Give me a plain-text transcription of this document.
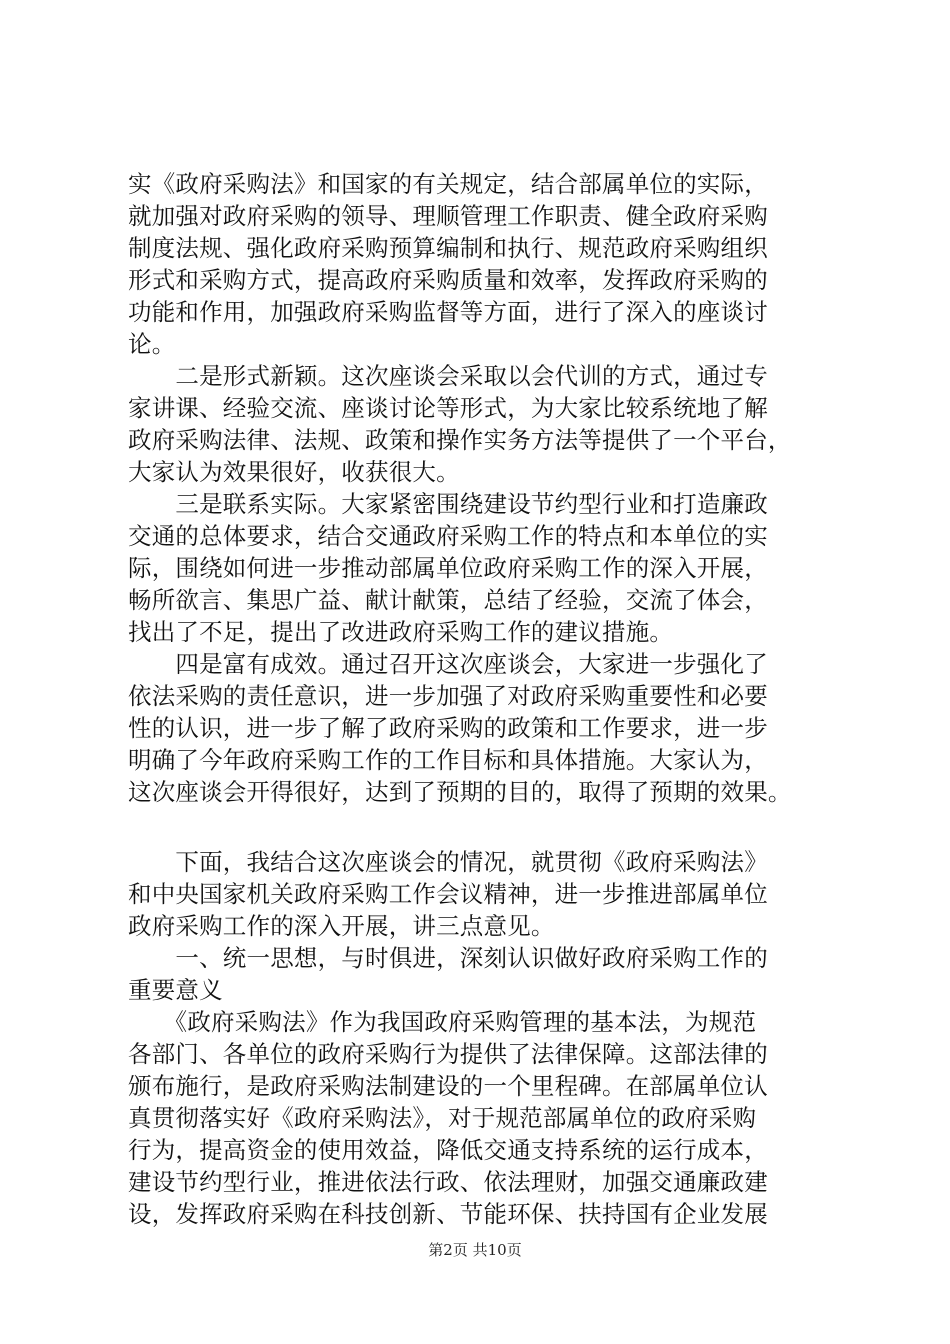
实《政府采购法》和国家的有关规定，结合部属单位的实际，
就加强对政府采购的领导、理顺管理工作职责、健全政府采购
制度法规、强化政府采购预算编制和执行、规范政府采购组织
形式和采购方式，提高政府采购质量和效率，发挥政府采购的
功能和作用，加强政府采购监督等方面，进行了深入的座谈讨
论。
　　二是形式新颖。这次座谈会采取以会代训的方式，通过专
家讲课、经验交流、座谈讨论等形式，为大家比较系统地了解
政府采购法律、法规、政策和操作实务方法等提供了一个平台，
大家认为效果很好，收获很大。
　　三是联系实际。大家紧密围绕建设节约型行业和打造廉政
交通的总体要求，结合交通政府采购工作的特点和本单位的实
际，围绕如何进一步推动部属单位政府采购工作的深入开展，
畅所欲言、集思广益、献计献策，总结了经验，交流了体会，
找出了不足，提出了改进政府采购工作的建议措施。
　　四是富有成效。通过召开这次座谈会，大家进一步强化了
依法采购的责任意识，进一步加强了对政府采购重要性和必要
性的认识，进一步了解了政府采购的政策和工作要求，进一步
明确了今年政府采购工作的工作目标和具体措施。大家认为，
这次座谈会开得很好，达到了预期的目的，取得了预期的效果。
　　下面，我结合这次座谈会的情况，就贯彻《政府采购法》
和中央国家机关政府采购工作会议精神，进一步推进部属单位
政府采购工作的深入开展，讲三点意见。
　　一、统一思想，与时俱进，深刻认识做好政府采购工作的
重要意义
　　《政府采购法》作为我国政府采购管理的基本法，为规范
各部门、各单位的政府采购行为提供了法律保障。这部法律的
颁布施行，是政府采购法制建设的一个里程碑。在部属单位认
真贯彻落实好《政府采购法》，对于规范部属单位的政府采购
行为，提高资金的使用效益，降低交通支持系统的运行成本，
建设节约型行业，推进依法行政、依法理财，加强交通廉政建
设，发挥政府采购在科技创新、节能环保、扶持国有企业发展
第2页 共10页
